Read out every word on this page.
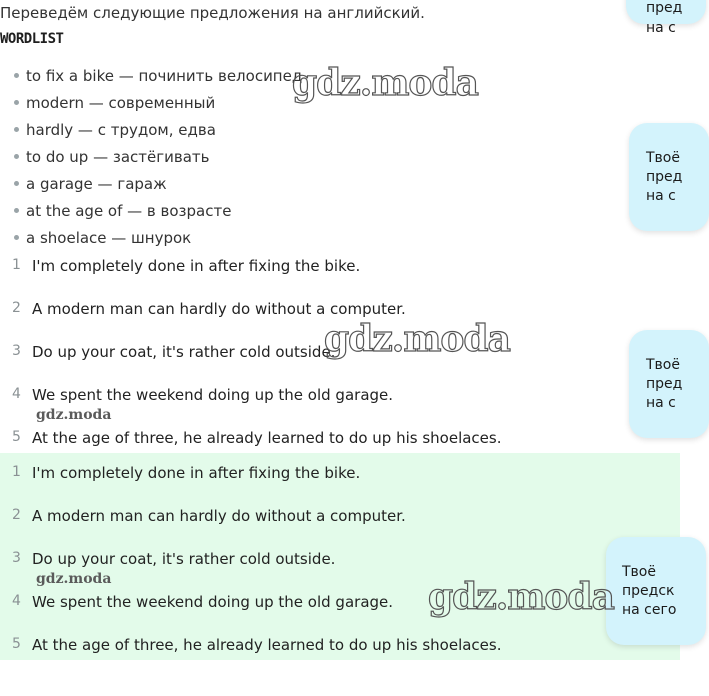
Переведём следующие предложения на английский.
WORDLIST
to fix a bike — починить велосипед
modern — современный
hardly — с трудом, едва
to do up — застёгивать
a garage — гараж
at the age of — в возрасте
a shoelace — шнурок
1 I'm completely done in after fixing the bike.
2 A modern man can hardly do without a computer.
3 Do up your coat, it's rather cold outside.
4 We spent the weekend doing up the old garage.
5 At the age of three, he already learned to do up his shoelaces.
1 I'm completely done in after fixing the bike.
2 A modern man can hardly do without a computer.
3 Do up your coat, it's rather cold outside.
4 We spent the weekend doing up the old garage.
5 At the age of three, he already learned to do up his shoelaces.
пред
на с
Твоё
пред
на с
Твоё
пред
на с
Твоё
предск
на сего
gdz.moda
gdz.moda
gdz.moda
gdz.moda	gdz.moda
